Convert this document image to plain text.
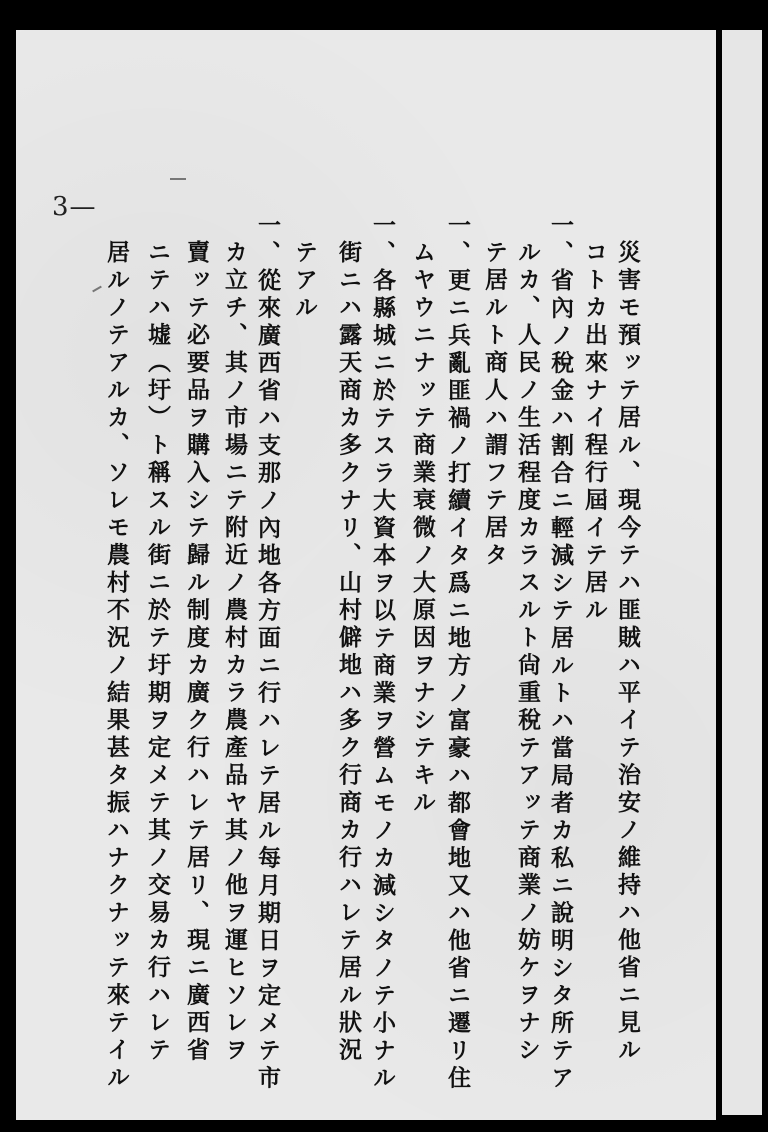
3—
災害モ預ッテ居ル、現今テハ匪賊ハ平イテ治安ノ維持ハ他省ニ見ル
コトカ出來ナイ程行屆イテ居ル
一、省內ノ稅金ハ割合ニ輕減シテ居ルトハ當局者カ私ニ說明シタ所テア
ルカ、人民ノ生活程度カラスルト尙重稅テアッテ商業ノ妨ケヲナシ
テ居ルト商人ハ謂フテ居タ
一、更ニ兵亂匪禍ノ打續イタ爲ニ地方ノ富豪ハ都會地又ハ他省ニ遷リ住
ムヤウニナッテ商業衰微ノ大原因ヲナシテキル
一、各縣城ニ於テスラ大資本ヲ以テ商業ヲ營ムモノカ減シタノテ小ナル
街ニハ露天商カ多クナリ、山村僻地ハ多ク行商カ行ハレテ居ル狀況
テアル
一、從來廣西省ハ支那ノ內地各方面ニ行ハレテ居ル每月期日ヲ定メテ市
カ立チ、其ノ市場ニテ附近ノ農村カラ農產品ヤ其ノ他ヲ運ヒソレヲ
賣ッテ必要品ヲ購入シテ歸ル制度カ廣ク行ハレテ居リ、現ニ廣西省
ニテハ墟（圩）ト稱スル街ニ於テ圩期ヲ定メテ其ノ交易カ行ハレテ
居ルノテアルカ、ソレモ農村不況ノ結果甚タ振ハナクナッテ來テイル
